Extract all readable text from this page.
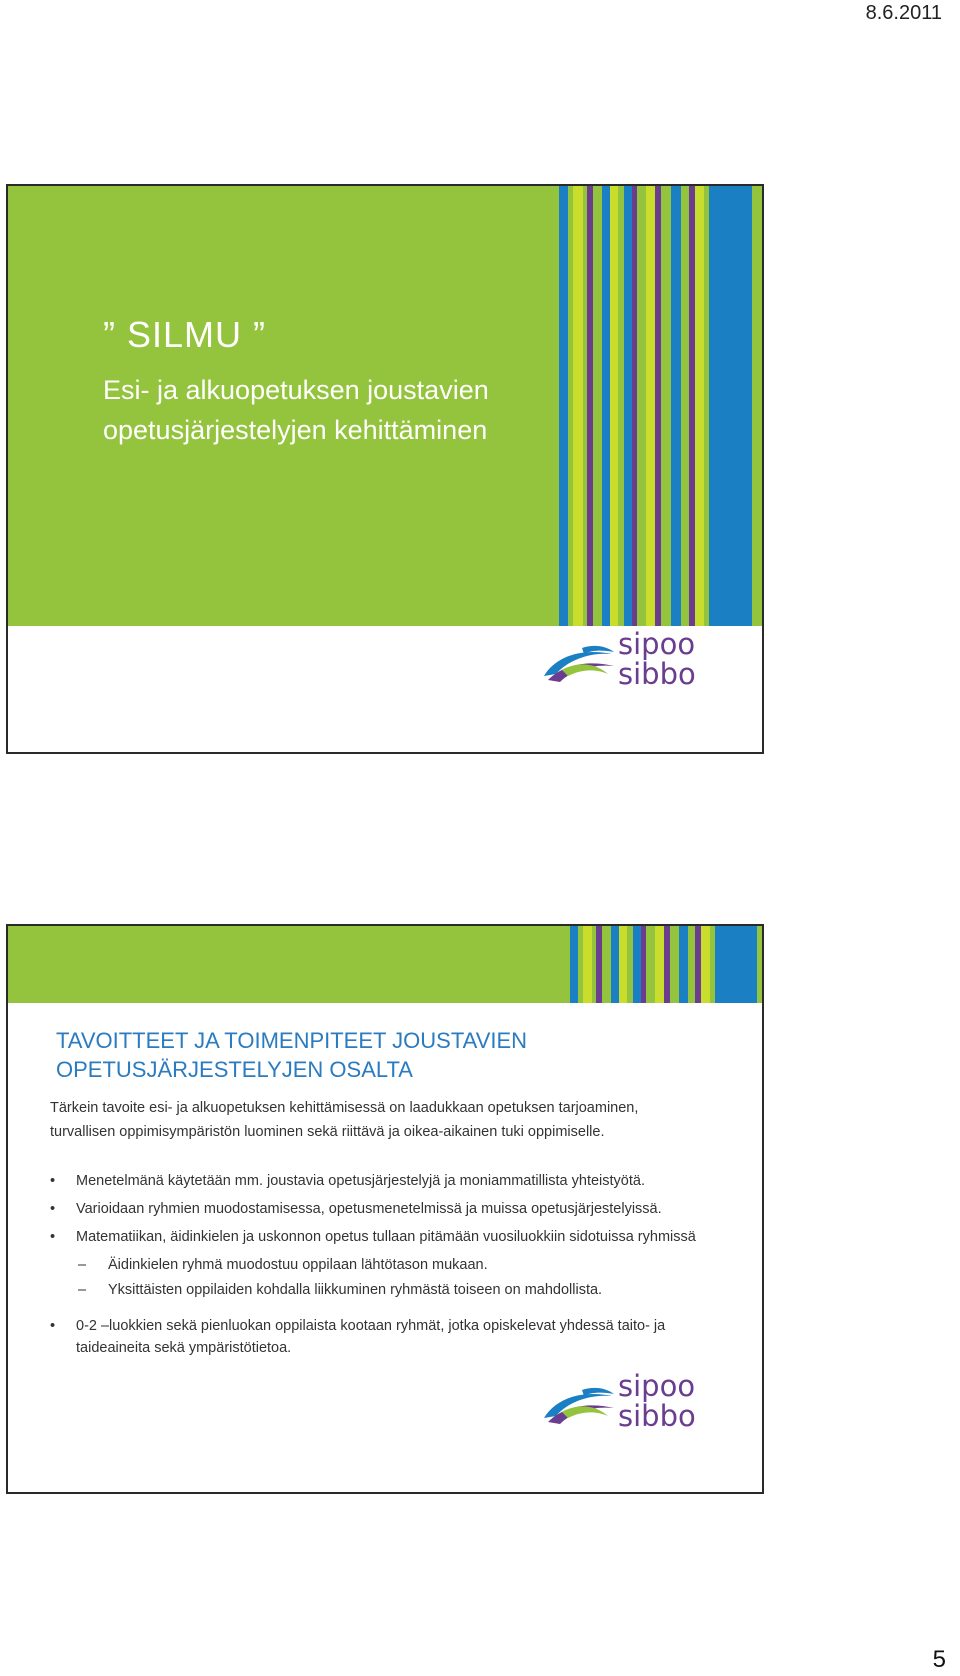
8.6.2011
” SILMU ”
Esi- ja alkuopetuksen joustavien
opetusjärjestelyjen kehittäminen
sipoo
sibbo
TAVOITTEET JA TOIMENPITEET JOUSTAVIEN OPETUSJÄRJESTELYJEN OSALTA
Tärkein tavoite esi- ja alkuopetuksen kehittämisessä on laadukkaan opetuksen tarjoaminen, turvallisen oppimisympäristön luominen sekä riittävä ja oikea-aikainen tuki oppimiselle.
• Menetelmänä käytetään mm. joustavia opetusjärjestelyjä ja moniammatillista yhteistyötä.
• Varioidaan ryhmien muodostamisessa, opetusmenetelmissä ja muissa opetusjärjestelyissä.
• Matematiikan, äidinkielen ja uskonnon opetus tullaan pitämään vuosiluokkiin sidotuissa ryhmissä
– Äidinkielen ryhmä muodostuu oppilaan lähtötason mukaan.
– Yksittäisten oppilaiden kohdalla liikkuminen ryhmästä toiseen on mahdollista.
• 0-2 –luokkien sekä pienluokan oppilaista kootaan ryhmät, jotka opiskelevat yhdessä taito- ja taideaineita sekä ympäristötietoa.
sipoo
sibbo
5
